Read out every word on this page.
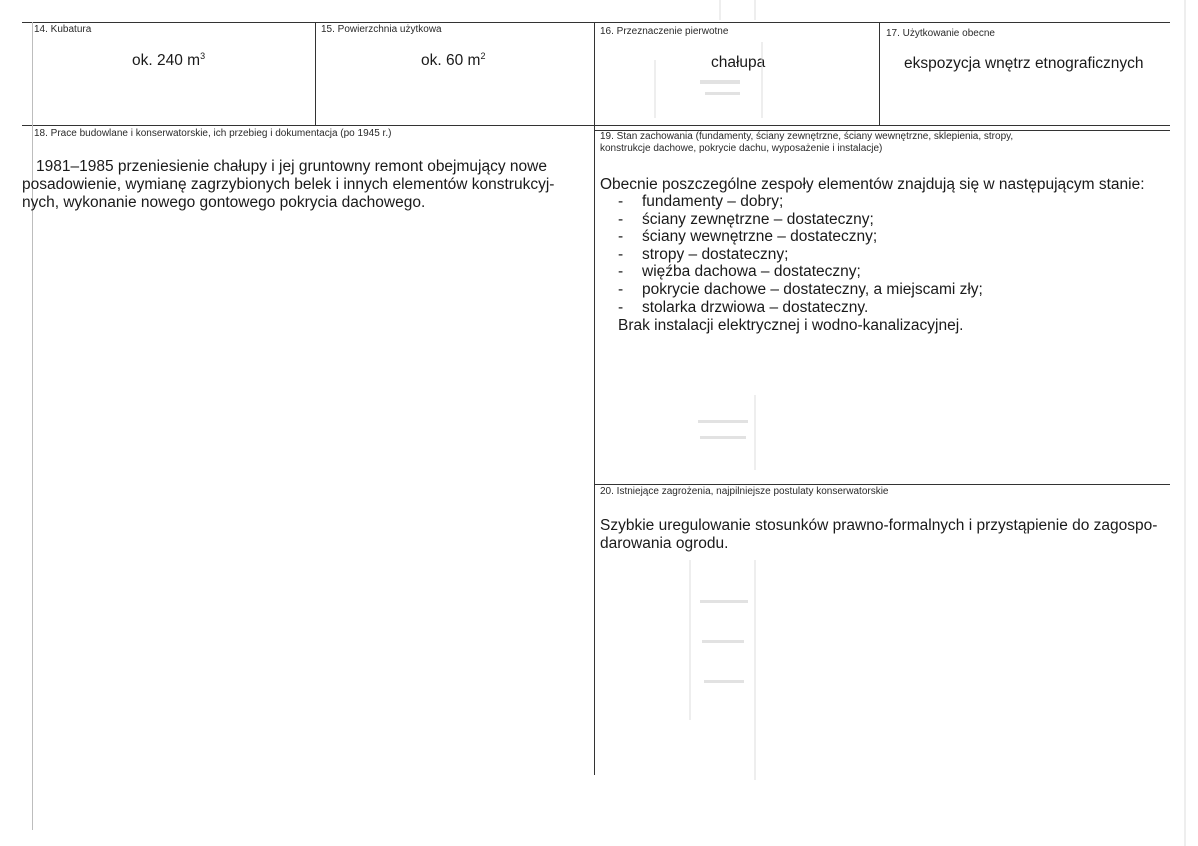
14. Kubatura
ok. 240 $m^3$
15. Powierzchnia użytkowa
ok. 60 $m^2$
16. Przeznaczenie pierwotne
chałupa
17. Użytkowanie obecne
ekspozycja wnętrz etnograficznych
18. Prace budowlane i konserwatorskie, ich przebieg i dokumentacja (po 1945 r.)
1981–1985 przeniesienie chałupy i jej gruntowny remont obejmujący nowe
posadowienie, wymianę zagrzybionych belek i innych elementów konstrukcyj-
nych, wykonanie nowego gontowego pokrycia dachowego.
19. Stan zachowania (fundamenty, ściany zewnętrzne, ściany wewnętrzne, sklepienia, stropy,
konstrukcje dachowe, pokrycie dachu, wyposażenie i instalacje)
Obecnie poszczególne zespoły elementów znajdują się w następującym stanie:
- fundamenty – dobry;
- ściany zewnętrzne – dostateczny;
- ściany wewnętrzne – dostateczny;
- stropy – dostateczny;
- więźba dachowa – dostateczny;
- pokrycie dachowe – dostateczny, a miejscami zły;
- stolarka drzwiowa – dostateczny.
Brak instalacji elektrycznej i wodno-kanalizacyjnej.
20. Istniejące zagrożenia, najpilniejsze postulaty konserwatorskie
Szybkie uregulowanie stosunków prawno-formalnych i przystąpienie do zagospo-
darowania ogrodu.
